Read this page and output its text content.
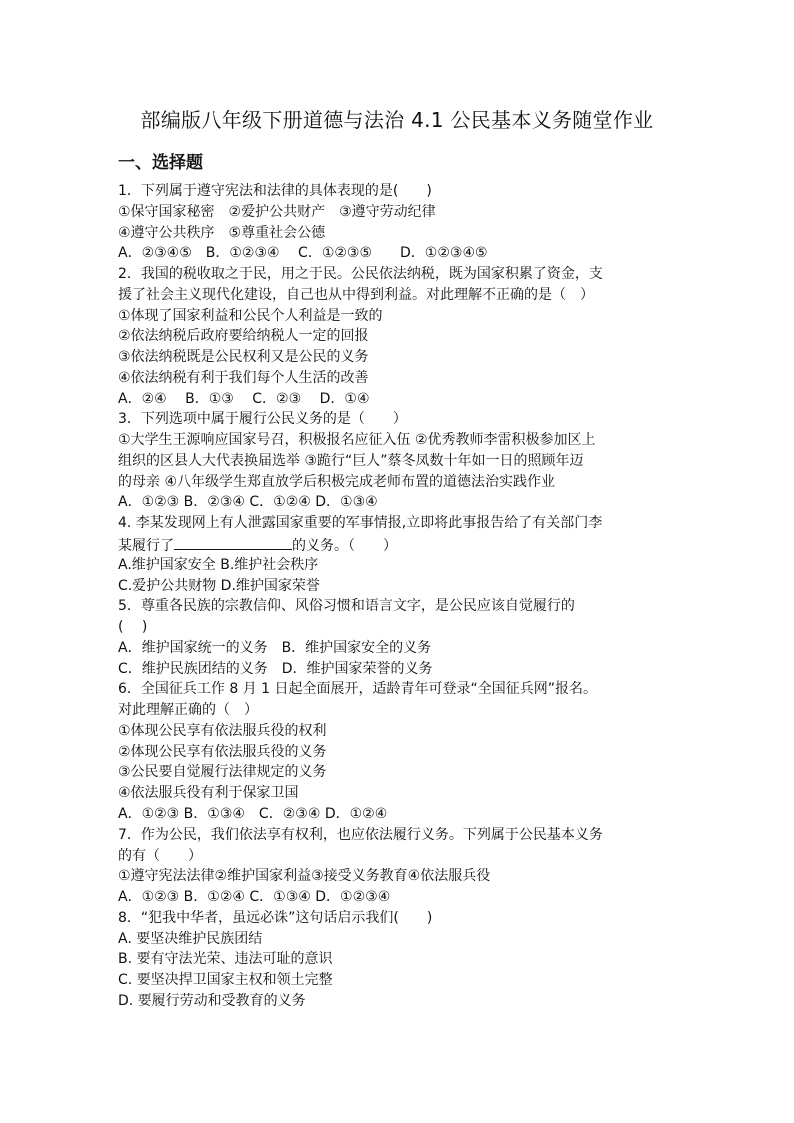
部编版八年级下册道德与法治 4.1 公民基本义务随堂作业
一、选择题
1．下列属于遵守宪法和法律的具体表现的是(　　)
①保守国家秘密　②爱护公共财产　③遵守劳动纪律
④遵守公共秩序　⑤尊重社会公德
A．②③④⑤　B．①②③④　 C．①②③⑤　　D．①②③④⑤
2．我国的税收取之于民，用之于民。公民依法纳税，既为国家积累了资金，支
援了社会主义现代化建设，自己也从中得到利益。对此理解不正确的是（　）
①体现了国家利益和公民个人利益是一致的
②依法纳税后政府要给纳税人一定的回报
③依法纳税既是公民权利又是公民的义务
④依法纳税有利于我们每个人生活的改善
A．②④　 B．①③　 C．②③　 D．①④
3．下列选项中属于履行公民义务的是（　　）
①大学生王源响应国家号召，积极报名应征入伍 ②优秀教师李雷积极参加区上
组织的区县人大代表换届选举 ③跪行“巨人”蔡冬凤数十年如一日的照顾年迈
的母亲 ④八年级学生郑直放学后积极完成老师布置的道德法治实践作业
A．①②③ B．②③④ C．①②④ D．①③④
4. 李某发现网上有人泄露国家重要的军事情报,立即将此事报告给了有关部门李
某履行了	的义务。（　　）
A.维护国家安全 B.维护社会秩序
C.爱护公共财物 D.维护国家荣誉
5．尊重各民族的宗教信仰、风俗习惯和语言文字，是公民应该自觉履行的
(　 )
A．维护国家统一的义务　B．维护国家安全的义务
C．维护民族团结的义务　D．维护国家荣誉的义务
6．全国征兵工作 8 月 1 日起全面展开，适龄青年可登录“全国征兵网”报名。
对此理解正确的（　）
①体现公民享有依法服兵役的权利
②体现公民享有依法服兵役的义务
③公民要自觉履行法律规定的义务
④依法服兵役有利于保家卫国
A．①②③ B．①③④　C．②③④ D．①②④
7．作为公民，我们依法享有权利，也应依法履行义务。下列属于公民基本义务
的有（　　）
①遵守宪法法律②维护国家利益③接受义务教育④依法服兵役
A．①②③ B．①②④ C．①③④ D．①②③④
8．“犯我中华者，虽远必诛”这句话启示我们(　　)
A. 要坚决维护民族团结
B. 要有守法光荣、违法可耻的意识
C. 要坚决捍卫国家主权和领土完整
D. 要履行劳动和受教育的义务
